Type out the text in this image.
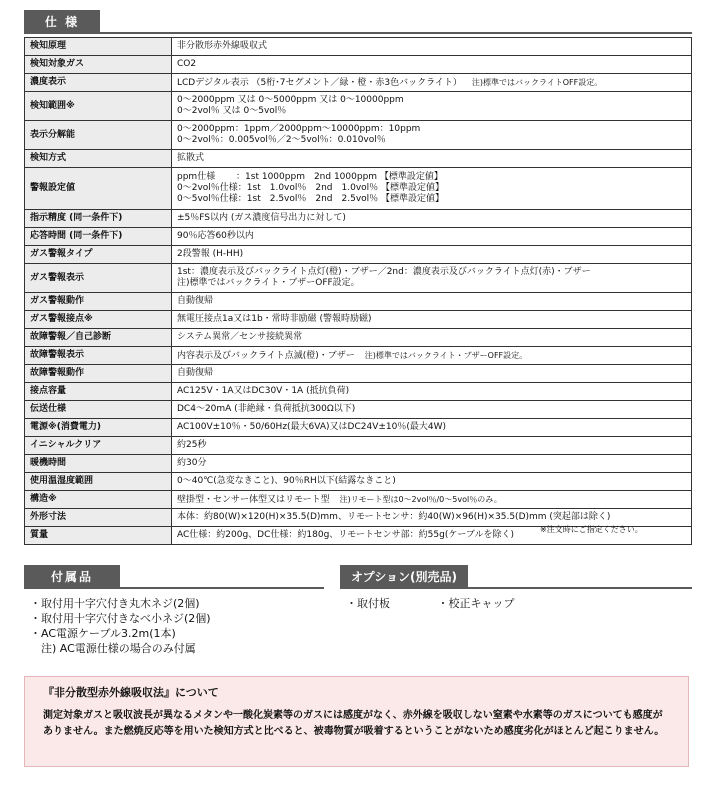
仕 様
検知原理	非分散形赤外線吸収式
検知対象ガス	CO2
濃度表示	LCDデジタル表示 （5桁･7セグメント／緑・橙・赤3色バックライト） 注)標準ではバックライトOFF設定。
検知範囲※	0～2000ppm 又は 0～5000ppm 又は 0～10000ppm
0～2vol％ 又は 0～5vol％
表示分解能	0～2000ppm：1ppm／2000ppm～10000ppm：10ppm
0～2vol％：0.005vol％／2～5vol％：0.010vol％
検知方式	拡散式
警報設定値	ppm仕様　　 ：1st 1000ppm　2nd 1000ppm 【標準設定値】
0～2vol％仕様：1st　1.0vol％　2nd　1.0vol％ 【標準設定値】
0～5vol％仕様：1st　2.5vol％　2nd　2.5vol％ 【標準設定値】
指示精度 (同一条件下)	±5％FS以内 (ガス濃度信号出力に対して)
応答時間 (同一条件下)	90％応答60秒以内
ガス警報タイプ	2段警報 (H-HH)
ガス警報表示	1st：濃度表示及びバックライト点灯(橙)・ブザー／2nd：濃度表示及びバックライト点灯(赤)・ブザー
注)標準ではバックライト・ブザーOFF設定。
ガス警報動作	自動復帰
ガス警報接点※	無電圧接点1a又は1b・常時非励磁 (警報時励磁)
故障警報／自己診断	システム異常／センサ接続異常
故障警報表示	内容表示及びバックライト点滅(橙)・ブザー 注)標準ではバックライト・ブザーOFF設定。
故障警報動作	自動復帰
接点容量	AC125V・1A又はDC30V・1A (抵抗負荷)
伝送仕様	DC4～20mA (非絶縁・負荷抵抗300Ω以下)
電源※(消費電力)	AC100V±10％・50/60Hz(最大6VA)又はDC24V±10％(最大4W)
イニシャルクリア	約25秒
暖機時間	約30分
使用温湿度範囲	0～40℃(急変なきこと)、90％RH以下(結露なきこと)
構造※	壁掛型・センサー体型又はリモート型 注)リモート型は0～2vol％/0～5vol％のみ。
外形寸法	本体：約80(W)×120(H)×35.5(D)mm、リモートセンサ：約40(W)×96(H)×35.5(D)mm (突起部は除く)
質量	AC仕様：約200g、DC仕様：約180g、リモートセンサ部：約55g(ケーブルを除く)
※注文時にご指定ください。
付属品
・取付用十字穴付き丸木ネジ(2個)
・取付用十字穴付きなべ小ネジ(2個)
・AC電源ケーブル3.2m(1本)
　注) AC電源仕様の場合のみ付属
オプション(別売品)
・取付板	・校正キャップ
『非分散型赤外線吸収法』について
測定対象ガスと吸収波長が異なるメタンや一酸化炭素等のガスには感度がなく、赤外線を吸収しない窒素や水素等のガスについても感度がありません。また燃焼反応等を用いた検知方式と比べると、被毒物質が吸着するということがないため感度劣化がほとんど起こりません。
